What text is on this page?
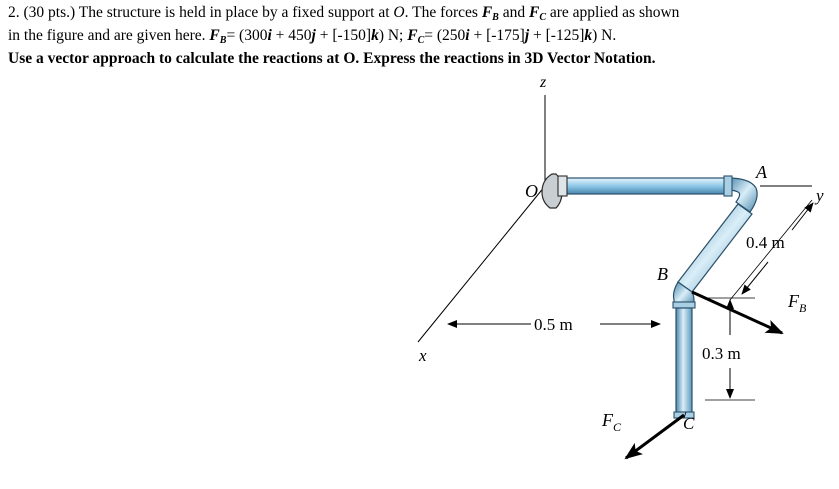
2. (30 pts.) The structure is held in place by a fixed support at O. The forces $F_B$ and $F_C$ are applied as shown
in the figure and are given here. $F_B= (300i + 450j + [-150]k)$ N; $F_C= (250i + [-175]j + [-125]k)$ N.
Use a vector approach to calculate the reactions at O. Express the reactions in 3D Vector Notation.
z
x
y
O
A
B
C
0.4 m
0.5 m
0.3 m
$F_B$
$F_C$
